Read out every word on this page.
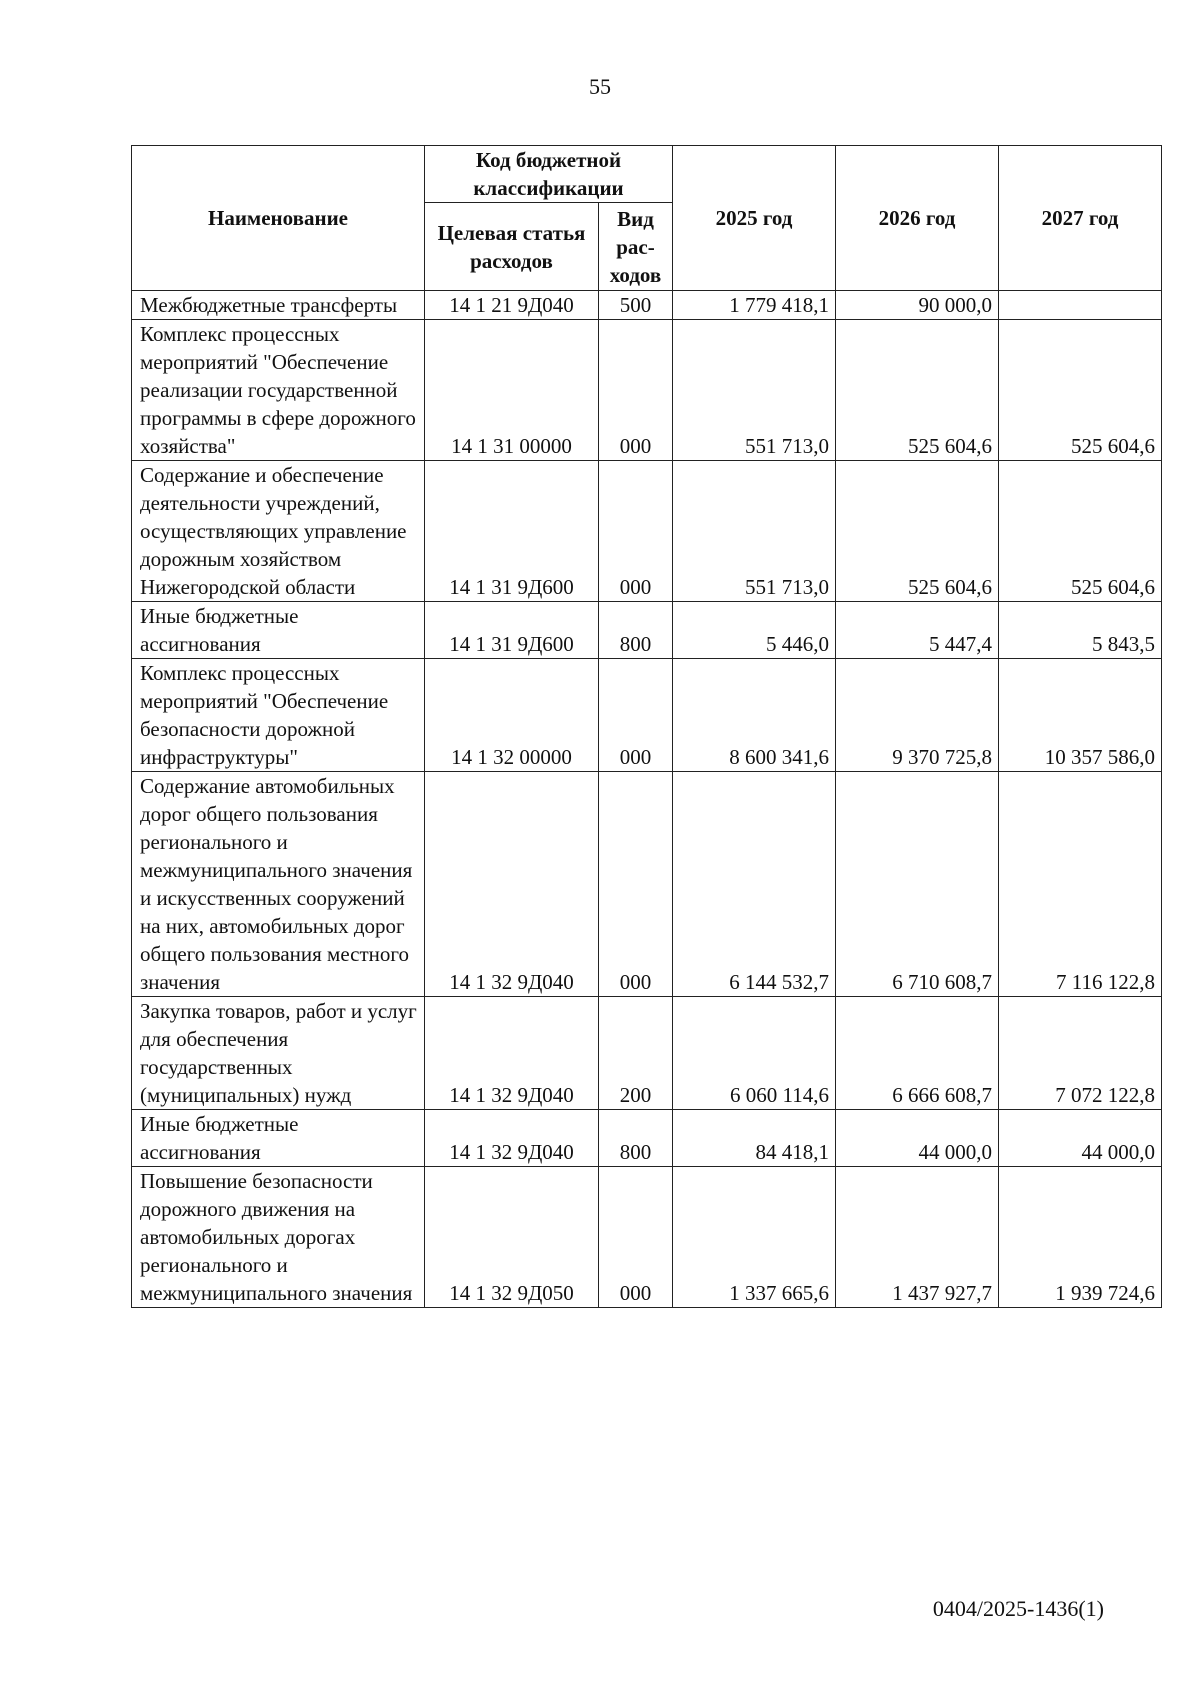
55
Наименование	Код бюджетной классификации		2025 год	2026 год	2027 год
	Целевая статья расходов	Вид рас-ходов			
Межбюджетные трансферты	14 1 21 9Д040	500	1 779 418,1	90 000,0	
Комплекс процессных мероприятий "Обеспечение реализации государственной программы в сфере дорожного хозяйства"	14 1 31 00000	000	551 713,0	525 604,6	525 604,6
Содержание и обеспечение деятельности учреждений, осуществляющих управление дорожным хозяйством Нижегородской области	14 1 31 9Д600	000	551 713,0	525 604,6	525 604,6
Иные бюджетные ассигнования	14 1 31 9Д600	800	5 446,0	5 447,4	5 843,5
Комплекс процессных мероприятий "Обеспечение безопасности дорожной инфраструктуры"	14 1 32 00000	000	8 600 341,6	9 370 725,8	10 357 586,0
Содержание автомобильных дорог общего пользования регионального и межмуниципального значения и искусственных сооружений на них, автомобильных дорог общего пользования местного значения	14 1 32 9Д040	000	6 144 532,7	6 710 608,7	7 116 122,8
Закупка товаров, работ и услуг для обеспечения государственных (муниципальных) нужд	14 1 32 9Д040	200	6 060 114,6	6 666 608,7	7 072 122,8
Иные бюджетные ассигнования	14 1 32 9Д040	800	84 418,1	44 000,0	44 000,0
Повышение безопасности дорожного движения на автомобильных дорогах регионального и межмуниципального значения	14 1 32 9Д050	000	1 337 665,6	1 437 927,7	1 939 724,6
0404/2025-1436(1)
